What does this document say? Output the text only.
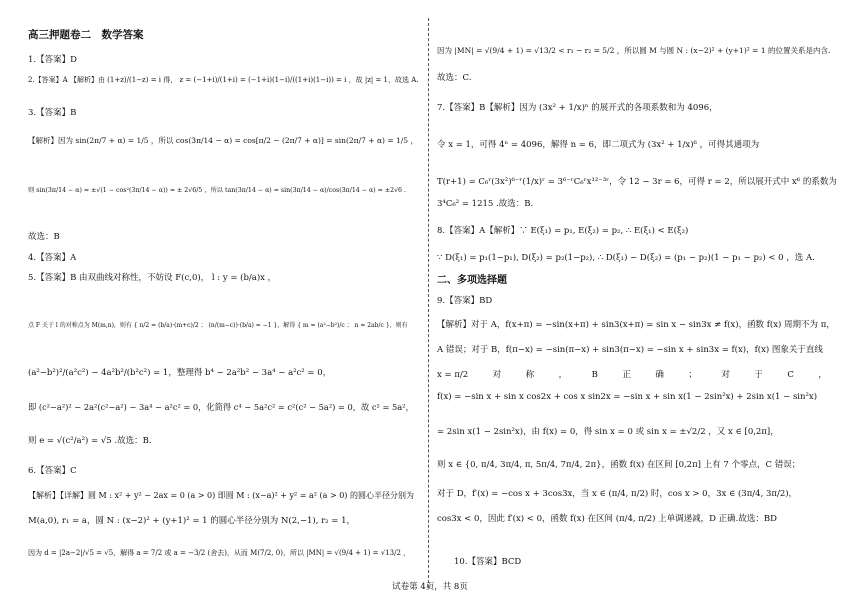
高三押题卷二　数学答案
1.【答案】D
2.【答案】A 【解析】由 (1+z)/(1−z) = i 得， z = (−1+i)/(1+i) = (−1+i)(1−i)/((1+i)(1−i)) = i ，故 |z| = 1，故选 A.
3.【答案】B
【解析】因为 sin(2π/7 + α) = 1/5 ，所以 cos(3π/14 − α) = cos[π/2 − (2π/7 + α)] = sin(2π/7 + α) = 1/5 ，
则 sin(3π/14 − α) = ±√(1 − cos²(3π/14 − α)) = ± 2√6/5 ，所以 tan(3π/14 − α) = sin(3π/14 − α)/cos(3π/14 − α) = ±2√6 .
故选：B
4.【答案】A
5.【答案】B 由双曲线对称性，不妨设 F(c,0)， l : y = (b/a)x ，
点 F 关于 l 的对称点为 M(m,n)，则有 { n/2 = (b/a)·(m+c)/2 ； (n/(m−c))·(b/a) = −1 }，解得 { m = (a²−b²)/c ； n = 2ab/c }，则有
(a²−b²)²/(a²c²) − 4a²b²/(b²c²) = 1，整理得 b⁴ − 2a²b² − 3a⁴ − a²c² = 0，
即 (c²−a²)² − 2a²(c²−a²) − 3a⁴ − a²c² = 0，化简得 c⁴ − 5a²c² = c²(c² − 5a²) = 0，故 c² = 5a²，
则 e = √(c²/a²) = √5 .故选：B.
6.【答案】C
【解析】【详解】圆 M : x² + y² − 2ax = 0 (a > 0) 即圆 M : (x−a)² + y² = a² (a > 0) 的圆心半径分别为
M(a,0), r₁ = a，圆 N : (x−2)² + (y+1)² = 1 的圆心半径分别为 N(2,−1), r₂ = 1，
因为 d = |2a−2|/√5 = √5，解得 a = 7/2 或 a = −3/2 (舍去)，从而 M(7/2, 0)，所以 |MN| = √(9/4 + 1) = √13/2 ，
因为 |MN| = √(9/4 + 1) = √13/2 < r₁ − r₂ = 5/2 ，所以圆 M 与圆 N : (x−2)² + (y+1)² = 1 的位置关系是内含.
故选：C.
7.【答案】B【解析】因为 (3x² + 1/x)ⁿ 的展开式的各项系数和为 4096，
令 x = 1，可得 4ⁿ = 4096，解得 n = 6，即二项式为 (3x² + 1/x)⁶ ，可得其通项为
T(r+1) = C₆ʳ(3x²)⁶⁻ʳ(1/x)ʳ = 3⁶⁻ʳC₆ʳx¹²⁻³ʳ，令 12 − 3r = 6，可得 r = 2，所以展开式中 x⁶ 的系数为
3⁴C₆² = 1215 .故选：B.
8.【答案】A【解析】∵ E(ξ₁) = p₁, E(ξ₂) = p₂, ∴ E(ξ₁) < E(ξ₂)
∵ D(ξ₁) = p₁(1−p₁), D(ξ₂) = p₂(1−p₂), ∴ D(ξ₁) − D(ξ₂) = (p₁ − p₂)(1 − p₁ − p₂) < 0 ，选 A.
二、多项选择题
9.【答案】BD
【解析】对于 A，f(x+π) = −sin(x+π) + sin3(x+π) = sin x − sin3x ≠ f(x)，函数 f(x) 周期不为 π，
A 错误；对于 B，f(π−x) = −sin(π−x) + sin3(π−x) = −sin x + sin3x = f(x)，f(x) 图象关于直线
f(x) = −sin x + sin x cos2x + cos x sin2x = −sin x + sin x(1 − 2sin²x) + 2sin x(1 − sin²x)
= 2sin x(1 − 2sin²x)，由 f(x) = 0，得 sin x = 0 或 sin x = ±√2/2 ，又 x ∈ [0,2π]，
则 x ∈ {0, π/4, 3π/4, π, 5π/4, 7π/4, 2π}，函数 f(x) 在区间 [0,2π] 上有 7 个零点，C 错误；
对于 D，f′(x) = −cos x + 3cos3x，当 x ∈ (π/4, π/2) 时，cos x > 0，3x ∈ (3π/4, 3π/2)，
cos3x < 0，因此 f′(x) < 0，函数 f(x) 在区间 (π/4, π/2) 上单调递减，D 正确.故选：BD
　　10.【答案】BCD
x = π/2	对	称	，	B	正	确	；	对	于	C	，
试卷第 4页，共 8页
